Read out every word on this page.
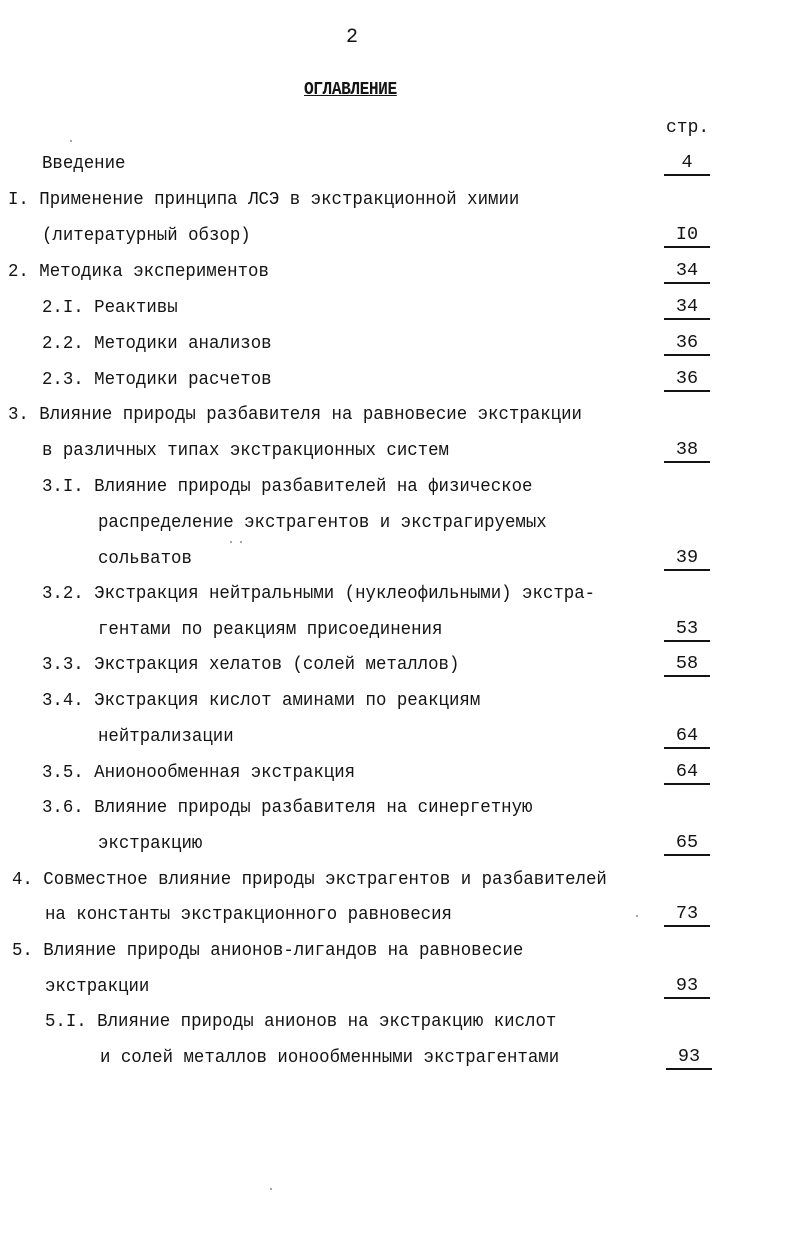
2
ОГЛАВЛЕНИЕ
стр.
Введение	4
I. Применение принципа ЛСЭ в экстракционной химии
(литературный обзор)	I0
2. Методика экспериментов	34
2.I. Реактивы	34
2.2. Методики анализов	36
2.3. Методики расчетов	36
3. Влияние природы разбавителя на равновесие экстракции
в различных типах экстракционных систем	38
3.I. Влияние природы разбавителей на физическое
распределение экстрагентов и экстрагируемых
сольватов	39
3.2. Экстракция нейтральными (нуклеофильными) экстра-
гентами по реакциям присоединения	53
3.3. Экстракция хелатов (солей металлов)	58
3.4. Экстракция кислот аминами по реакциям
нейтрализации	64
3.5. Анионообменная экстракция	64
3.6. Влияние природы разбавителя на синергетную
экстракцию	65
4. Совместное влияние природы экстрагентов и разбавителей
на константы экстракционного равновесия	73
5. Влияние природы анионов-лигандов на равновесие
экстракции	93
5.I. Влияние природы анионов на экстракцию кислот
и солей металлов ионообменными экстрагентами	93
